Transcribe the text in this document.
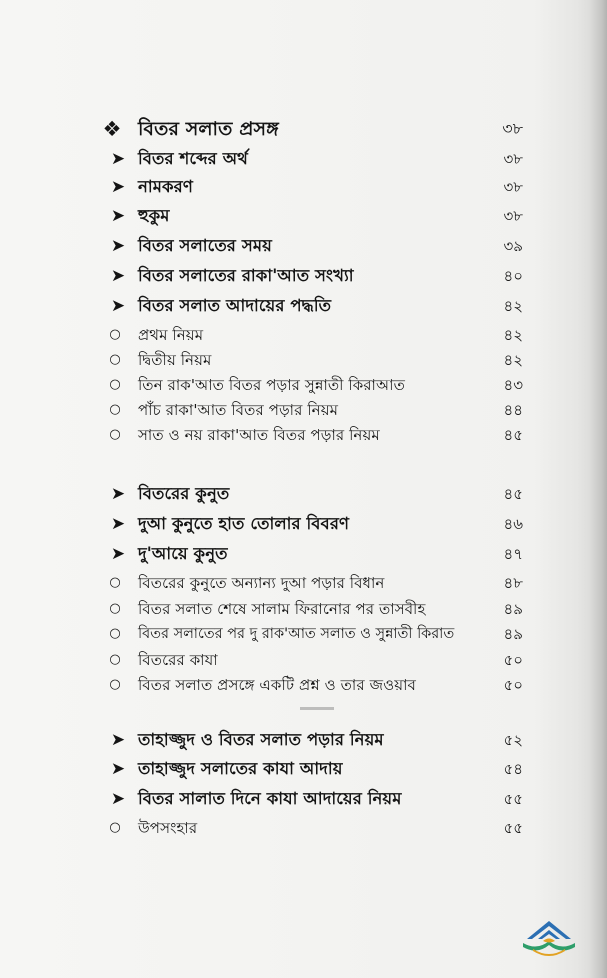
❖ বিতর সলাত প্রসঙ্গ	৩৮
➤ বিতর শব্দের অর্থ	৩৮
➤ নামকরণ	৩৮
➤ হুকুম	৩৮
➤ বিতর সলাতের সময়	৩৯
➤ বিতর সলাতের রাকা'আত সংখ্যা	৪০
➤ বিতর সলাত আদায়ের পদ্ধতি	৪২
○	প্রথম নিয়ম	৪২
○	দ্বিতীয় নিয়ম	৪২
○	তিন রাক'আত বিতর পড়ার সুন্নাতী কিরাআত	৪৩
○	পাঁচ রাকা'আত বিতর পড়ার নিয়ম	৪৪
○	সাত ও নয় রাকা'আত বিতর পড়ার নিয়ম	৪৫
➤ বিতরের কুনুত	৪৫
➤ দুআ কুনুতে হাত তোলার বিবরণ	৪৬
➤ দু'আয়ে কুনুত	৪৭
○	বিতরের কুনুতে অন্যান্য দুআ পড়ার বিধান	৪৮
○	বিতর সলাত শেষে সালাম ফিরানোর পর তাসবীহ	৪৯
○	বিতর সলাতের পর দু রাক'আত সলাত ও সুন্নাতী কিরাত	৪৯
○	বিতরের কাযা	৫০
○	বিতর সলাত প্রসঙ্গে একটি প্রশ্ন ও তার জওয়াব	৫০
➤ তাহাজ্জুদ ও বিতর সলাত পড়ার নিয়ম	৫২
➤ তাহাজ্জুদ সলাতের কাযা আদায়	৫৪
➤ বিতর সালাত দিনে কাযা আদায়ের নিয়ম	৫৫
○	উপসংহার	৫৫
